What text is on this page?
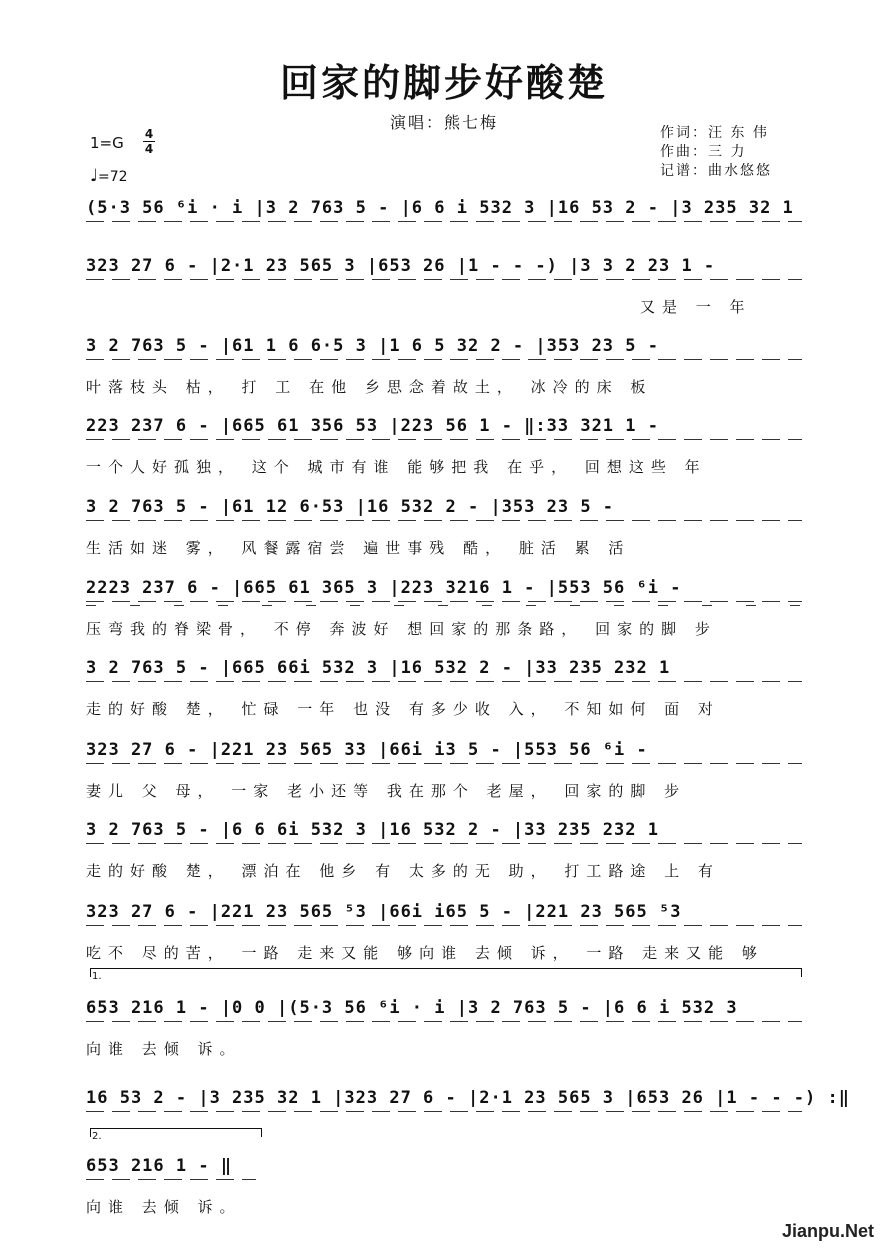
回家的脚步好酸楚
演唱：熊七梅
作词：汪 东 伟
作曲：三 力
记谱：曲水悠悠
1=G 4
4
♩=72
(5·3 56 ⁶i · i |3 2 763 5 - |6 6 i 532 3 |16 53 2 - |3 235 32 1
323 27 6 - |2·1 23 565 3 |653 26 |1 - - -) |3 3 2 23 1 -
又是 一 年
3 2 763 5 - |61 1 6 6·5 3 |1 6 5 32 2 - |353 23 5 -
叶落枝头 枯， 打 工 在他 乡思念着故土， 冰冷的床 板
223 237 6 - |665 61 356 53 |223 56 1 - ‖:33 321 1 -
一个人好孤独， 这个 城市有谁 能够把我 在乎， 回想这些 年
3 2 763 5 - |61 12 6·53 |16 532 2 - |353 23 5 -
生活如迷 雾， 风餐露宿尝 遍世事残 酷， 脏活 累 活
2223 237 6 - |665 61 365 3 |223 3216 1 - |553 56 ⁶i -
压弯我的脊梁骨， 不停 奔波好 想回家的那条路， 回家的脚 步
3 2 763 5 - |665 66i 532 3 |16 532 2 - |33 235 232 1
走的好酸 楚， 忙碌 一年 也没 有多少收 入， 不知如何 面 对
323 27 6 - |221 23 565 33 |66i i3 5 - |553 56 ⁶i -
妻儿 父 母， 一家 老小还等 我在那个 老屋， 回家的脚 步
3 2 763 5 - |6 6 6i 532 3 |16 532 2 - |33 235 232 1
走的好酸 楚， 漂泊在 他乡 有 太多的无 助， 打工路途 上 有
323 27 6 - |221 23 565 ⁵3 |66i i65 5 - |221 23 565 ⁵3
吃不 尽的苦， 一路 走来又能 够向谁 去倾 诉， 一路 走来又能 够
1.
653 216 1 - |0 0 |(5·3 56 ⁶i · i |3 2 763 5 - |6 6 i 532 3
向谁 去倾 诉。
16 53 2 - |3 235 32 1 |323 27 6 - |2·1 23 565 3 |653 26 |1 - - -) :‖
2.
653 216 1 - ‖
向谁 去倾 诉。
Jianpu.Net
